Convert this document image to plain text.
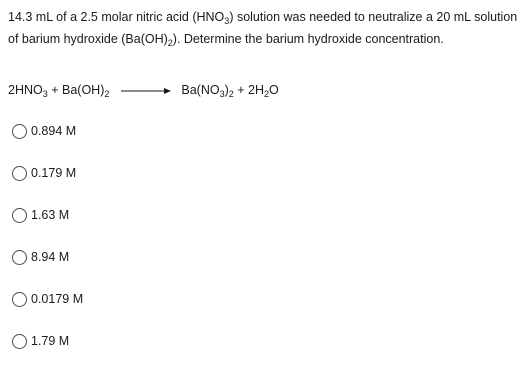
14.3 mL of a 2.5 molar nitric acid $(HNO_3)$ solution was needed to neutralize a 20 mL solution of barium hydroxide $(Ba(OH)_2)$. Determine the barium hydroxide concentration.
$2HNO_3 + Ba(OH)_2 \to Ba(NO_3)_2 + 2H_2O$
0.894 M
0.179 M
1.63 M
8.94 M
0.0179 M
1.79 M
